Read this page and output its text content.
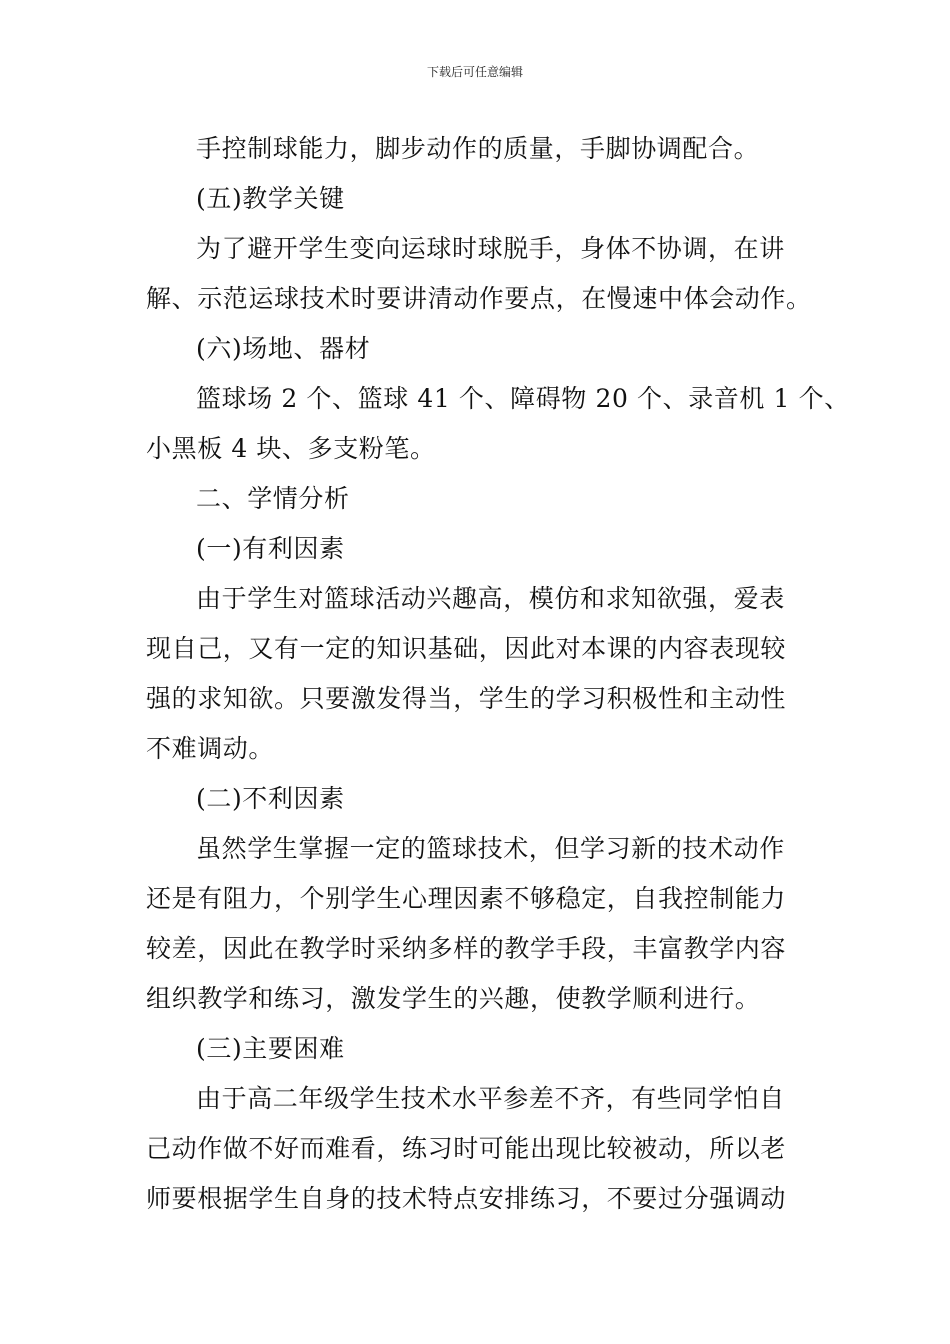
下载后可任意编辑
手控制球能力，脚步动作的质量，手脚协调配合。
(五)教学关键
为了避开学生变向运球时球脱手，身体不协调，在讲
解、示范运球技术时要讲清动作要点，在慢速中体会动作。
(六)场地、器材
篮球场 2 个、篮球 41 个、障碍物 20 个、录音机 1 个、
小黑板 4 块、多支粉笔。
二、学情分析
(一)有利因素
由于学生对篮球活动兴趣高，模仿和求知欲强，爱表
现自己，又有一定的知识基础，因此对本课的内容表现较
强的求知欲。只要激发得当，学生的学习积极性和主动性
不难调动。
(二)不利因素
虽然学生掌握一定的篮球技术，但学习新的技术动作
还是有阻力，个别学生心理因素不够稳定，自我控制能力
较差，因此在教学时采纳多样的教学手段，丰富教学内容
组织教学和练习，激发学生的兴趣，使教学顺利进行。
(三)主要困难
由于高二年级学生技术水平参差不齐，有些同学怕自
己动作做不好而难看，练习时可能出现比较被动，所以老
师要根据学生自身的技术特点安排练习，不要过分强调动
